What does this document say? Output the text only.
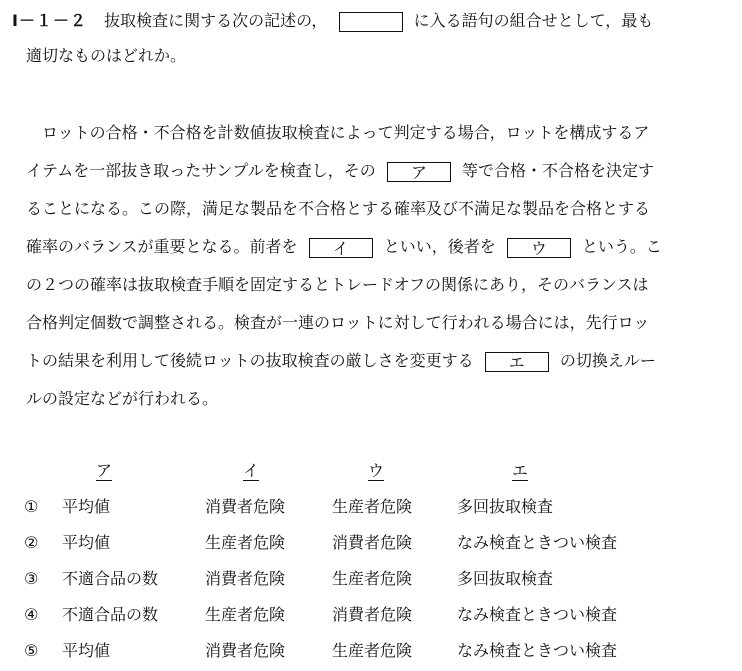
Ⅰ－１－２ 抜取検査に関する次の記述の，	に入る語句の組合せとして，最も
適切なものはどれか。
ロットの合格・不合格を計数値抜取検査によって判定する場合，ロットを構成するア
イテムを一部抜き取ったサンプルを検査し，その ア 等で合格・不合格を決定す
ることになる。この際，満足な製品を不合格とする確率及び不満足な製品を合格とする
確率のバランスが重要となる。前者を イ といい，後者を ウ という。こ
の２つの確率は抜取検査手順を固定するとトレードオフの関係にあり，そのバランスは
合格判定個数で調整される。検査が一連のロットに対して行われる場合には，先行ロッ
トの結果を利用して後続ロットの抜取検査の厳しさを変更する エ の切換えルー
ルの設定などが行われる。
ア	イ	ウ	エ
① 平均値	消費者危険	生産者危険	多回抜取検査
② 平均値	生産者危険	消費者危険	なみ検査ときつい検査
③ 不適合品の数	消費者危険	生産者危険	多回抜取検査
④ 不適合品の数	生産者危険	消費者危険	なみ検査ときつい検査
⑤ 平均値	消費者危険	生産者危険	なみ検査ときつい検査
